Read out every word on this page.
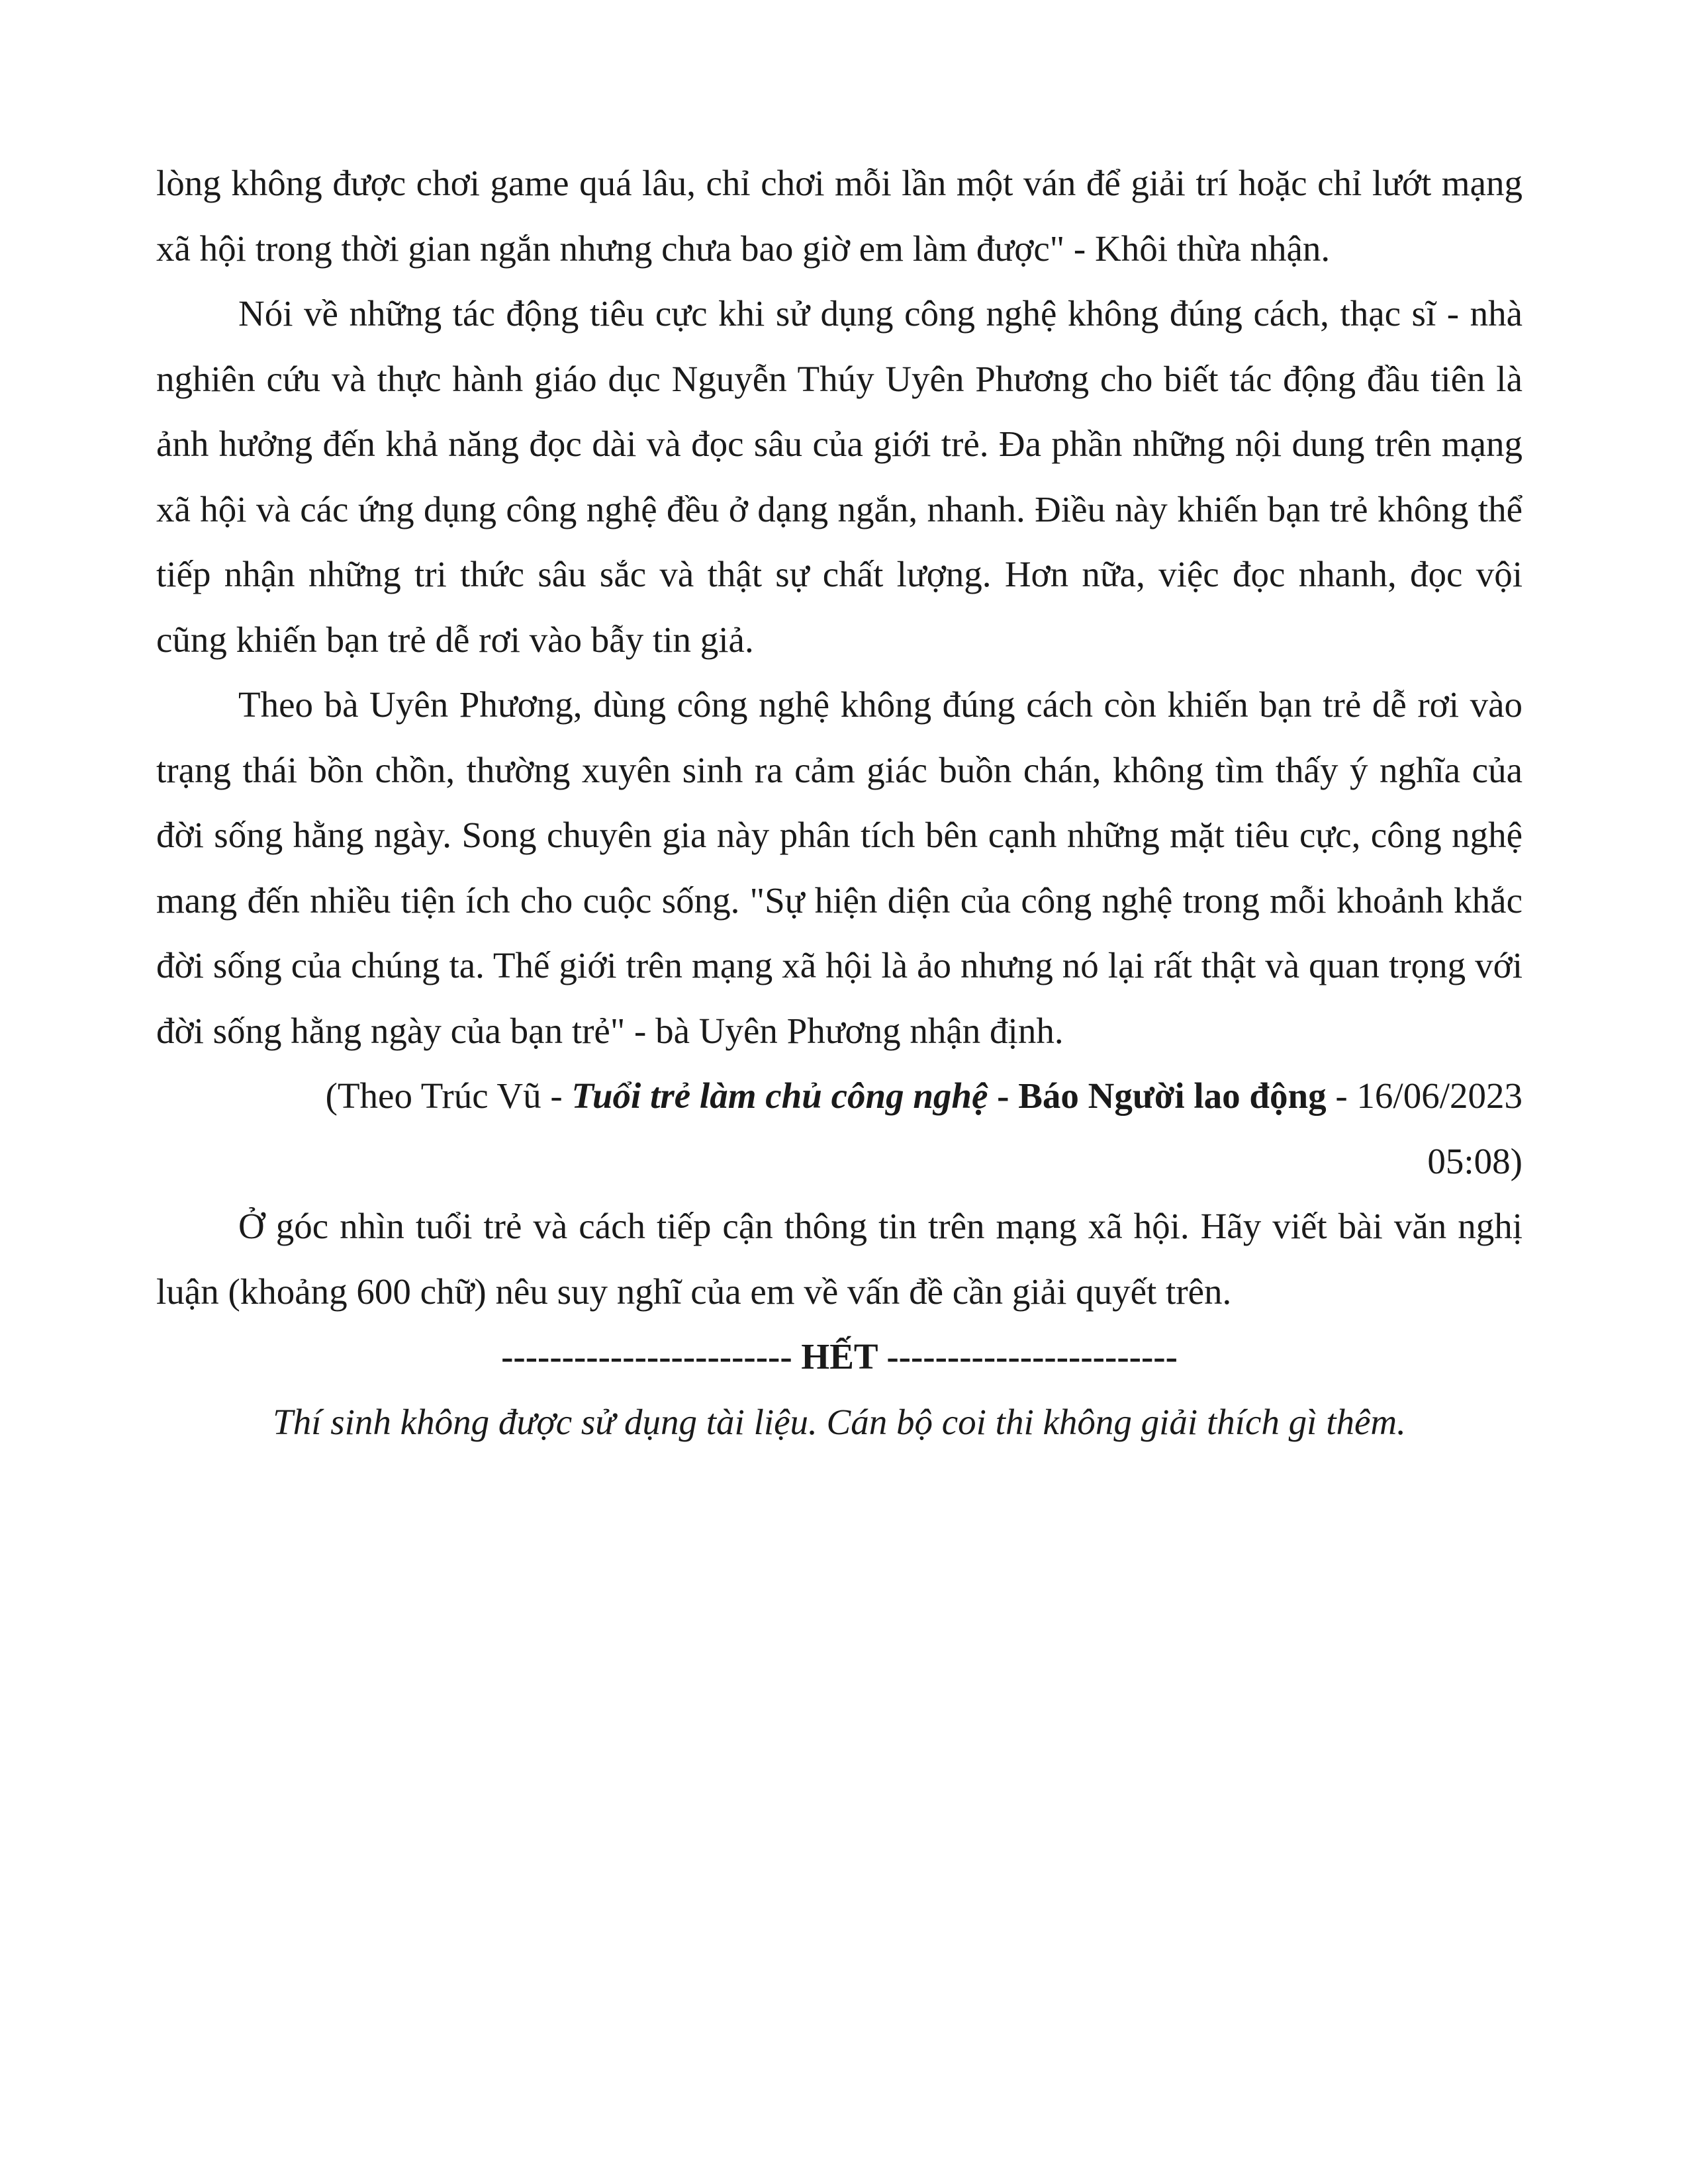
lòng không được chơi game quá lâu, chỉ chơi mỗi lần một ván để giải trí hoặc chỉ lướt mạng xã hội trong thời gian ngắn nhưng chưa bao giờ em làm được" - Khôi thừa nhận.

Nói về những tác động tiêu cực khi sử dụng công nghệ không đúng cách, thạc sĩ - nhà nghiên cứu và thực hành giáo dục Nguyễn Thúy Uyên Phương cho biết tác động đầu tiên là ảnh hưởng đến khả năng đọc dài và đọc sâu của giới trẻ. Đa phần những nội dung trên mạng xã hội và các ứng dụng công nghệ đều ở dạng ngắn, nhanh. Điều này khiến bạn trẻ không thể tiếp nhận những tri thức sâu sắc và thật sự chất lượng. Hơn nữa, việc đọc nhanh, đọc vội cũng khiến bạn trẻ dễ rơi vào bẫy tin giả.

Theo bà Uyên Phương, dùng công nghệ không đúng cách còn khiến bạn trẻ dễ rơi vào trạng thái bồn chồn, thường xuyên sinh ra cảm giác buồn chán, không tìm thấy ý nghĩa của đời sống hằng ngày. Song chuyên gia này phân tích bên cạnh những mặt tiêu cực, công nghệ mang đến nhiều tiện ích cho cuộc sống. "Sự hiện diện của công nghệ trong mỗi khoảnh khắc đời sống của chúng ta. Thế giới trên mạng xã hội là ảo nhưng nó lại rất thật và quan trọng với đời sống hằng ngày của bạn trẻ" - bà Uyên Phương nhận định.

(Theo Trúc Vũ - Tuổi trẻ làm chủ công nghệ - Báo Người lao động - 16/06/2023
05:08)

Ở góc nhìn tuổi trẻ và cách tiếp cận thông tin trên mạng xã hội. Hãy viết bài văn nghị luận (khoảng 600 chữ) nêu suy nghĩ của em về vấn đề cần giải quyết trên.

------------------------ HẾT ------------------------

Thí sinh không được sử dụng tài liệu. Cán bộ coi thi không giải thích gì thêm.
